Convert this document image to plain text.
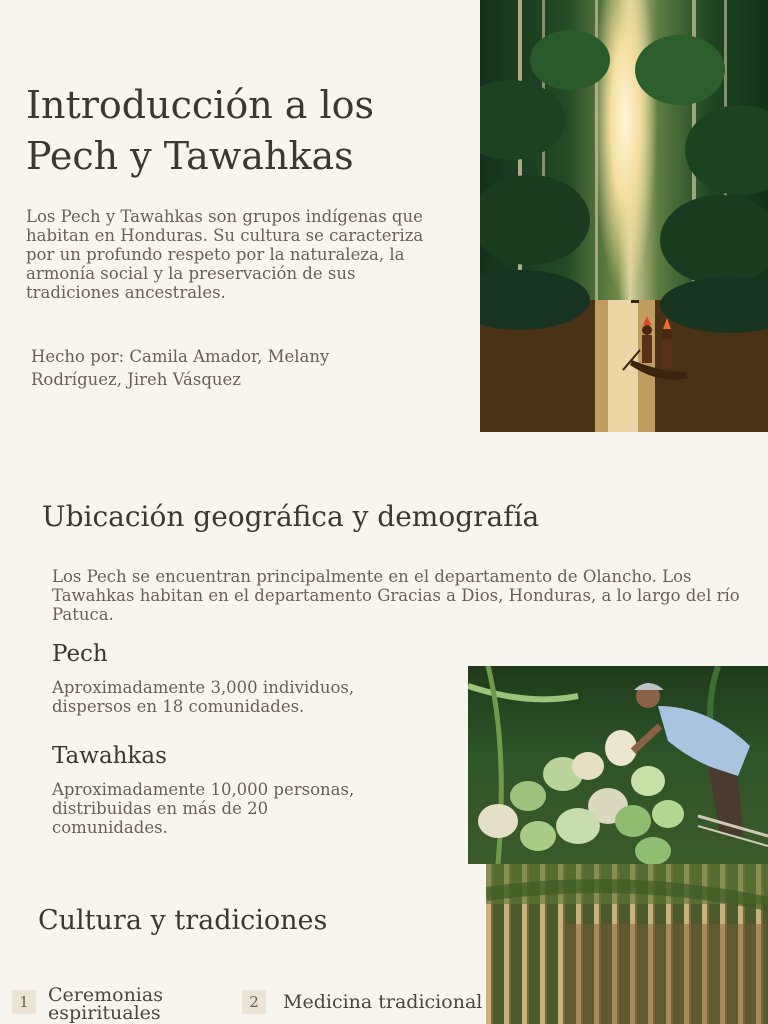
Introducción a los
Pech y Tawahkas

Los Pech y Tawahkas son grupos indígenas que habitan en Honduras. Su cultura se caracteriza por un profundo respeto por la naturaleza, la armonía social y la preservación de sus tradiciones ancestrales.

Hecho por: Camila Amador, Melany
Rodríguez, Jireh Vásquez

Ubicación geográfica y demografía

Los Pech se encuentran principalmente en el departamento de Olancho. Los Tawahkas habitan en el departamento Gracias a Dios, Honduras, a lo largo del río Patuca.

Pech

Aproximadamente 3,000 individuos, dispersos en 18 comunidades.

Tawahkas

Aproximadamente 10,000 personas, distribuidas en más de 20 comunidades.

Cultura y tradiciones
1	Ceremonias
espirituales	2	Medicina tradicional
